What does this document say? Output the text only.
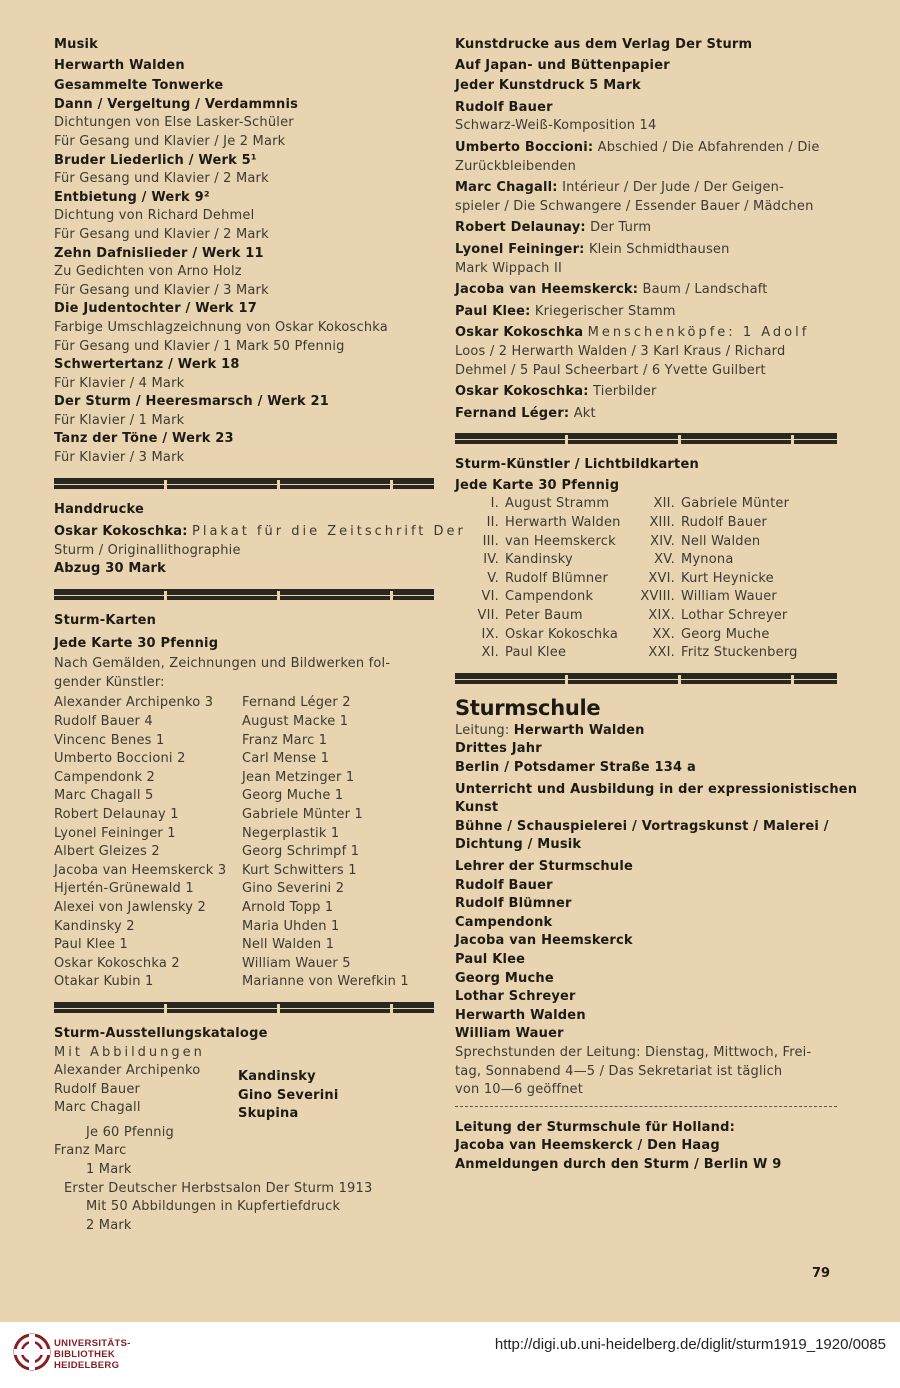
Musik
Herwarth Walden
Gesammelte Tonwerke
Dann / Vergeltung / Verdammnis
Dichtungen von Else Lasker-Schüler
Für Gesang und Klavier / Je 2 Mark
Bruder Liederlich / Werk 5¹
Für Gesang und Klavier / 2 Mark
Entbietung / Werk 9²
Dichtung von Richard Dehmel
Für Gesang und Klavier / 2 Mark
Zehn Dafnislieder / Werk 11
Zu Gedichten von Arno Holz
Für Gesang und Klavier / 3 Mark
Die Judentochter / Werk 17
Farbige Umschlagzeichnung von Oskar Kokoschka
Für Gesang und Klavier / 1 Mark 50 Pfennig
Schwertertanz / Werk 18
Für Klavier / 4 Mark
Der Sturm / Heeresmarsch / Werk 21
Für Klavier / 1 Mark
Tanz der Töne / Werk 23
Für Klavier / 3 Mark
Handdrucke
Oskar Kokoschka: Plakat für die Zeitschrift Der
Sturm / Originallithographie
Abzug 30 Mark
Sturm-Karten
Jede Karte 30 Pfennig
Nach Gemälden, Zeichnungen und Bildwerken fol-
gender Künstler:
Alexander Archipenko 3
Rudolf Bauer 4
Vincenc Benes 1
Umberto Boccioni 2
Campendonk 2
Marc Chagall 5
Robert Delaunay 1
Lyonel Feininger 1
Albert Gleizes 2
Jacoba van Heemskerck 3
Hjertén-Grünewald 1
Alexei von Jawlensky 2
Kandinsky 2
Paul Klee 1
Oskar Kokoschka 2
Otakar Kubin 1
Fernand Léger 2
August Macke 1
Franz Marc 1
Carl Mense 1
Jean Metzinger 1
Georg Muche 1
Gabriele Münter 1
Negerplastik 1
Georg Schrimpf 1
Kurt Schwitters 1
Gino Severini 2
Arnold Topp 1
Maria Uhden 1
Nell Walden 1
William Wauer 5
Marianne von Werefkin 1
Sturm-Ausstellungskataloge
Mit Abbildungen
Alexander Archipenko
Rudolf Bauer
Marc Chagall
Kandinsky
Gino Severini
Skupina
Je 60 Pfennig
Franz Marc
1 Mark
Erster Deutscher Herbstsalon Der Sturm 1913
Mit 50 Abbildungen in Kupfertiefdruck
2 Mark
Kunstdrucke aus dem Verlag Der Sturm
Auf Japan- und Büttenpapier
Jeder Kunstdruck 5 Mark
Rudolf Bauer
Schwarz-Weiß-Komposition 14
Umberto Boccioni: Abschied / Die Abfahrenden / Die
Zurückbleibenden
Marc Chagall: Intérieur / Der Jude / Der Geigen-
spieler / Die Schwangere / Essender Bauer / Mädchen
Robert Delaunay: Der Turm
Lyonel Feininger: Klein Schmidthausen
Mark Wippach II
Jacoba van Heemskerck: Baum / Landschaft
Paul Klee: Kriegerischer Stamm
Oskar Kokoschka Menschenköpfe: 1 Adolf
Loos / 2 Herwarth Walden / 3 Karl Kraus / Richard
Dehmel / 5 Paul Scheerbart / 6 Yvette Guilbert
Oskar Kokoschka: Tierbilder
Fernand Léger: Akt
Sturm-Künstler / Lichtbildkarten
Jede Karte 30 Pfennig
I. August Stramm
II. Herwarth Walden
III. van Heemskerck
IV. Kandinsky
V. Rudolf Blümner
VI. Campendonk
VII. Peter Baum
IX. Oskar Kokoschka
XI. Paul Klee
XII. Gabriele Münter
XIII. Rudolf Bauer
XIV. Nell Walden
XV. Mynona
XVI. Kurt Heynicke
XVIII. William Wauer
XIX. Lothar Schreyer
XX. Georg Muche
XXI. Fritz Stuckenberg
Sturmschule
Leitung: Herwarth Walden
Drittes Jahr
Berlin / Potsdamer Straße 134 a
Unterricht und Ausbildung in der expressionistischen
Kunst
Bühne / Schauspielerei / Vortragskunst / Malerei /
Dichtung / Musik
Lehrer der Sturmschule
Rudolf Bauer
Rudolf Blümner
Campendonk
Jacoba van Heemskerck
Paul Klee
Georg Muche
Lothar Schreyer
Herwarth Walden
William Wauer
Sprechstunden der Leitung: Dienstag, Mittwoch, Frei-
tag, Sonnabend 4—5 / Das Sekretariat ist täglich
von 10—6 geöffnet
Leitung der Sturmschule für Holland:
Jacoba van Heemskerck / Den Haag
Anmeldungen durch den Sturm / Berlin W 9
79
UNIVERSITÄTS-
BIBLIOTHEK
HEIDELBERG
http://digi.ub.uni-heidelberg.de/diglit/sturm1919_1920/0085
